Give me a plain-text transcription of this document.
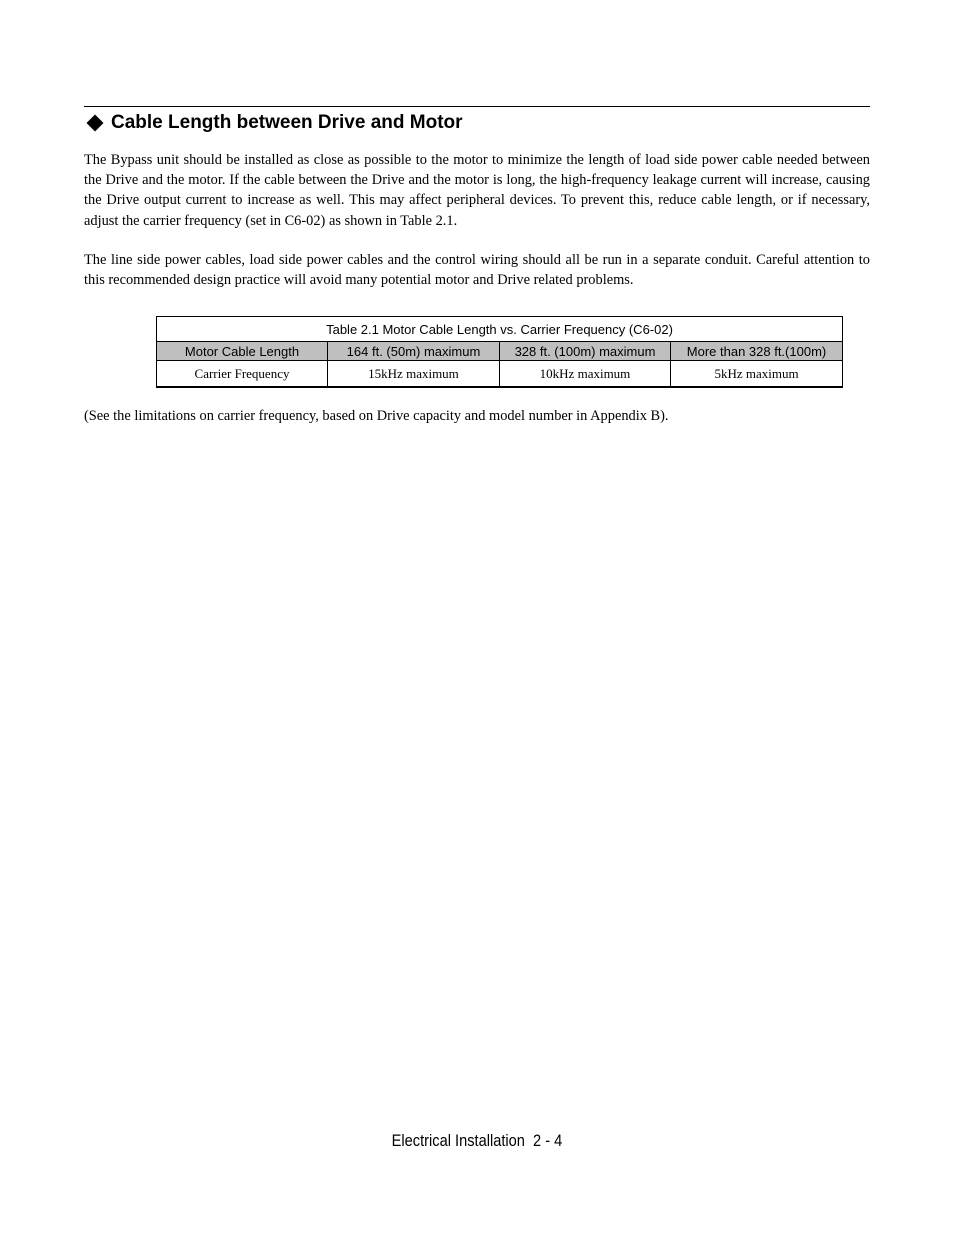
Cable Length between Drive and Motor

The Bypass unit should be installed as close as possible to the motor to minimize the length of load side power cable needed between the Drive and the motor. If the cable between the Drive and the motor is long, the high-frequency leakage current will increase, causing the Drive output current to increase as well. This may affect peripheral devices. To prevent this, reduce cable length, or if necessary, adjust the carrier frequency (set in C6-02) as shown in Table 2.1.

The line side power cables, load side power cables and the control wiring should all be run in a separate conduit. Careful attention to this recommended design practice will avoid many potential motor and Drive related problems.

Table 2.1 Motor Cable Length vs. Carrier Frequency (C6-02)			
Motor Cable Length	164 ft. (50m) maximum	328 ft. (100m) maximum	More than 328 ft.(100m)
Carrier Frequency	15kHz maximum	10kHz maximum	5kHz maximum

(See the limitations on carrier frequency, based on Drive capacity and model number in Appendix B).

Electrical Installation 2 - 4
